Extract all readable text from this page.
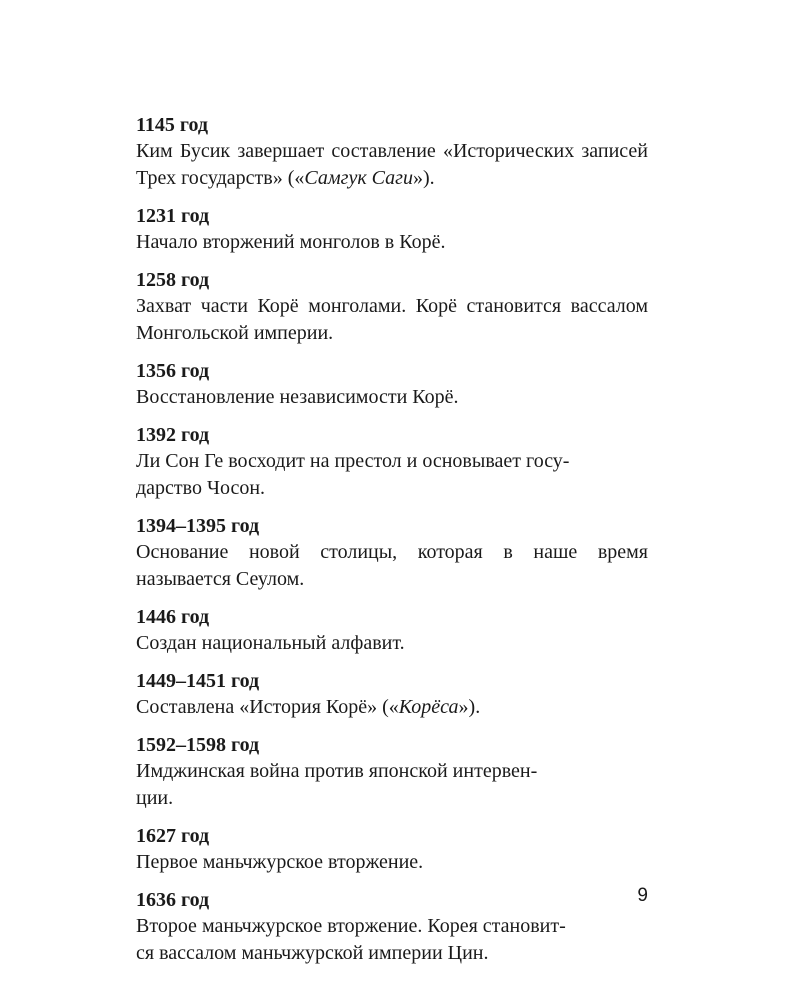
1145 год
Ким Бусик завершает составление «Исторических записей Трех государств» («Самгук Саги»).
1231 год
Начало вторжений монголов в Корё.
1258 год
Захват части Корё монголами. Корё становится вассалом Монгольской империи.
1356 год
Восстановление независимости Корё.
1392 год
Ли Сон Ге восходит на престол и основывает госу-
дарство Чосон.
1394–1395 год
Основание новой столицы, которая в наше время называется Сеулом.
1446 год
Создан национальный алфавит.
1449–1451 год
Составлена «История Корё» («Корёса»).
1592–1598 год
Имджинская война против японской интервен-
ции.
1627 год
Первое маньчжурское вторжение.
1636 год
Второе маньчжурское вторжение. Корея становит-
ся вассалом маньчжурской империи Цин.
9
